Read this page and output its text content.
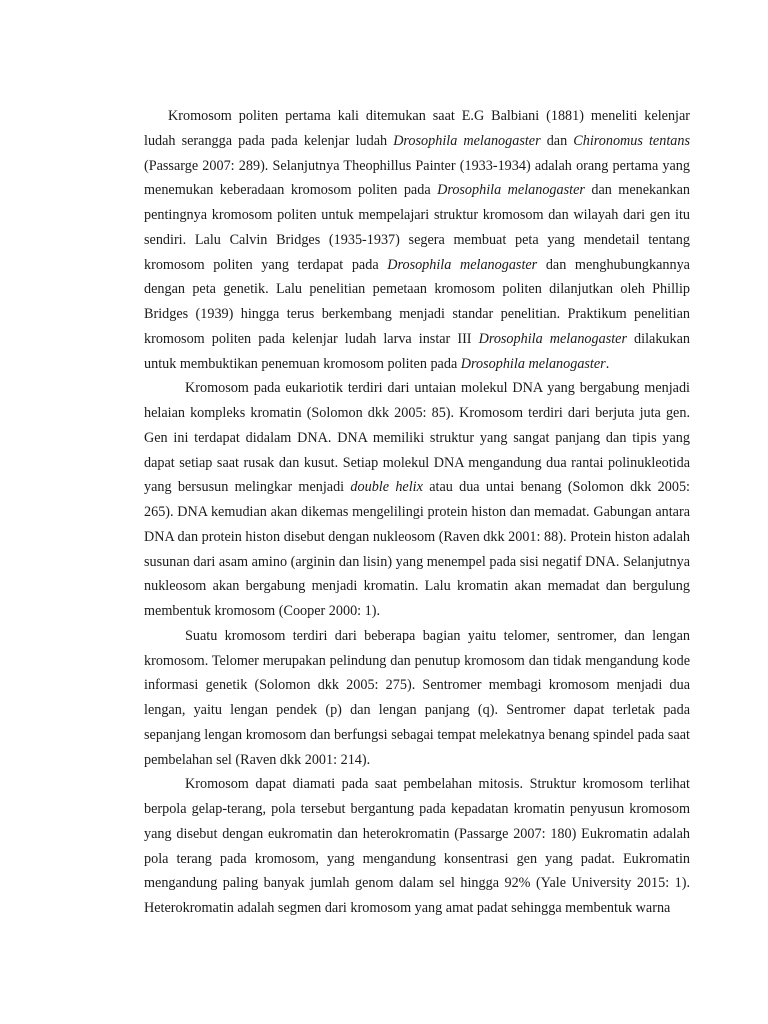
Kromosom politen pertama kali ditemukan saat E.G Balbiani (1881) meneliti kelenjar ludah serangga pada pada kelenjar ludah Drosophila melanogaster dan Chironomus tentans (Passarge 2007: 289). Selanjutnya Theophillus Painter (1933-1934) adalah orang pertama yang menemukan keberadaan kromosom politen pada Drosophila melanogaster dan menekankan pentingnya kromosom politen untuk mempelajari struktur kromosom dan wilayah dari gen itu sendiri. Lalu Calvin Bridges (1935-1937) segera membuat peta yang mendetail tentang kromosom politen yang terdapat pada Drosophila melanogaster dan menghubungkannya dengan peta genetik. Lalu penelitian pemetaan kromosom politen dilanjutkan oleh Phillip Bridges (1939) hingga terus berkembang menjadi standar penelitian. Praktikum penelitian kromosom politen pada kelenjar ludah larva instar III Drosophila melanogaster dilakukan untuk membuktikan penemuan kromosom politen pada Drosophila melanogaster.

Kromosom pada eukariotik terdiri dari untaian molekul DNA yang bergabung menjadi helaian kompleks kromatin (Solomon dkk 2005: 85). Kromosom terdiri dari berjuta juta gen. Gen ini terdapat didalam DNA. DNA memiliki struktur yang sangat panjang dan tipis yang dapat setiap saat rusak dan kusut. Setiap molekul DNA mengandung dua rantai polinukleotida yang bersusun melingkar menjadi double helix atau dua untai benang (Solomon dkk 2005: 265). DNA kemudian akan dikemas mengelilingi protein histon dan memadat. Gabungan antara DNA dan protein histon disebut dengan nukleosom (Raven dkk 2001: 88). Protein histon adalah susunan dari asam amino (arginin dan lisin) yang menempel pada sisi negatif DNA. Selanjutnya nukleosom akan bergabung menjadi kromatin. Lalu kromatin akan memadat dan bergulung membentuk kromosom (Cooper 2000: 1).

Suatu kromosom terdiri dari beberapa bagian yaitu telomer, sentromer, dan lengan kromosom. Telomer merupakan pelindung dan penutup kromosom dan tidak mengandung kode informasi genetik (Solomon dkk 2005: 275). Sentromer membagi kromosom menjadi dua lengan, yaitu lengan pendek (p) dan lengan panjang (q). Sentromer dapat terletak pada sepanjang lengan kromosom dan berfungsi sebagai tempat melekatnya benang spindel pada saat pembelahan sel (Raven dkk 2001: 214).

Kromosom dapat diamati pada saat pembelahan mitosis. Struktur kromosom terlihat berpola gelap-terang, pola tersebut bergantung pada kepadatan kromatin penyusun kromosom yang disebut dengan eukromatin dan heterokromatin (Passarge 2007: 180) Eukromatin adalah pola terang pada kromosom, yang mengandung konsentrasi gen yang padat. Eukromatin mengandung paling banyak jumlah genom dalam sel hingga 92% (Yale University 2015: 1). Heterokromatin adalah segmen dari kromosom yang amat padat sehingga membentuk warna
